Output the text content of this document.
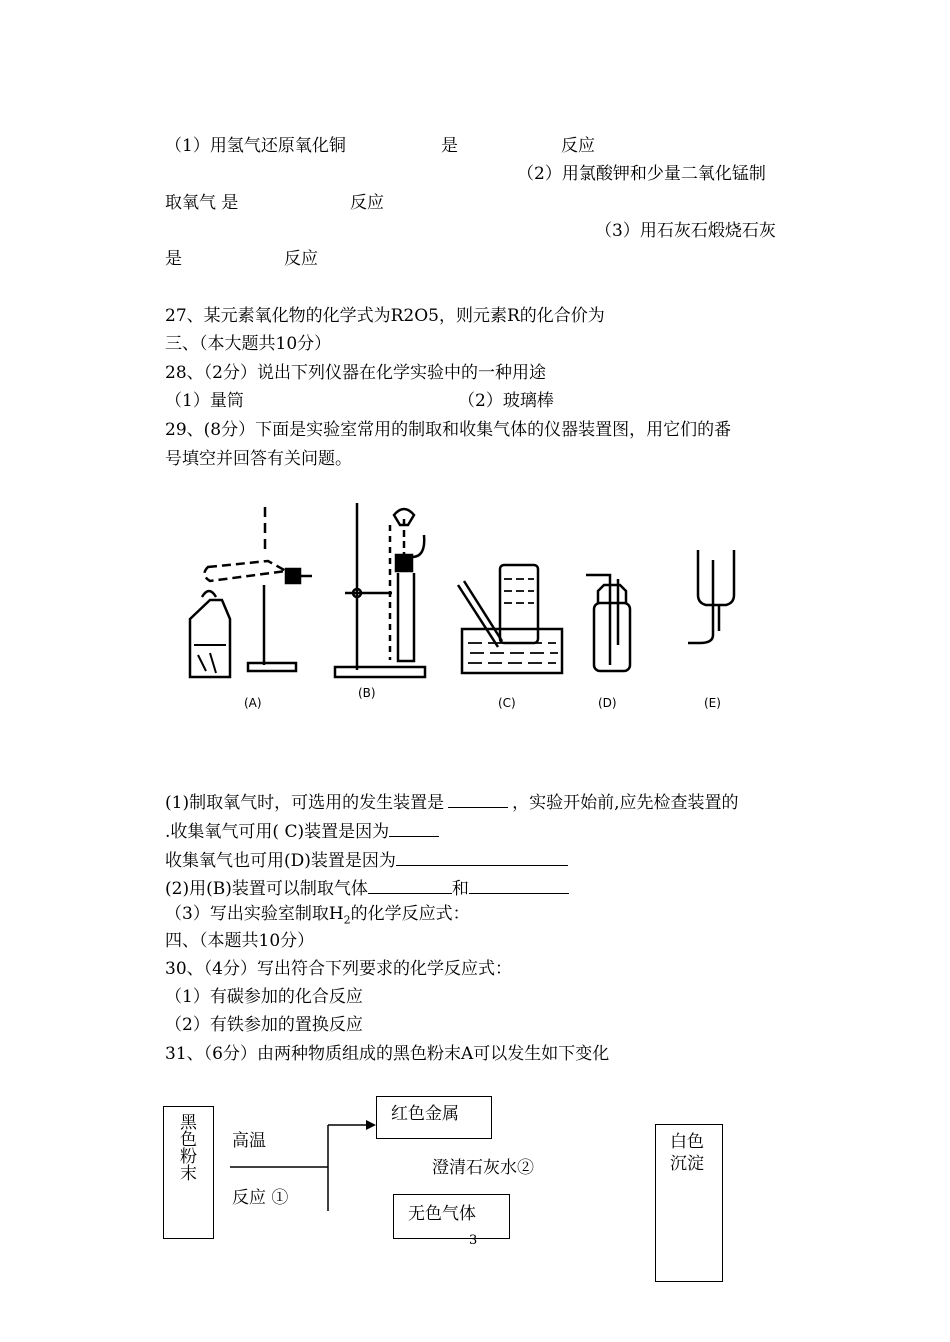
（1）用氢气还原氧化铜	是	反应
（2）用氯酸钾和少量二氧化锰制
取氧气 是	反应
（3）用石灰石煅烧石灰
是	反应
27、某元素氧化物的化学式为R2O5，则元素R的化合价为
三、（本大题共10分）
28、（2分）说出下列仪器在化学实验中的一种用途
（1）量筒	（2）玻璃棒
29、(8分）下面是实验室常用的制取和收集气体的仪器装置图，用它们的番
号填空并回答有关问题。
(A)
(B)
(C)	(D)	(E)
(1)制取氧气时，可选用的发生装置是	，实验开始前,应先检查装置的
.收集氧气可用( C)装置是因为
收集氧气也可用(D)装置是因为
(2)用(B)装置可以制取气体	和
（3）写出实验室制取$H_2$的化学反应式：
四、（本题共10分）
30、（4分）写出符合下列要求的化学反应式：
（1）有碳参加的化合反应
（2）有铁参加的置换反应
31、（6分）由两种物质组成的黑色粉末A可以发生如下变化
黑色粉末 高温
反应 ①
红色金属
澄清石灰水②
无色气体
白色沉淀
3
